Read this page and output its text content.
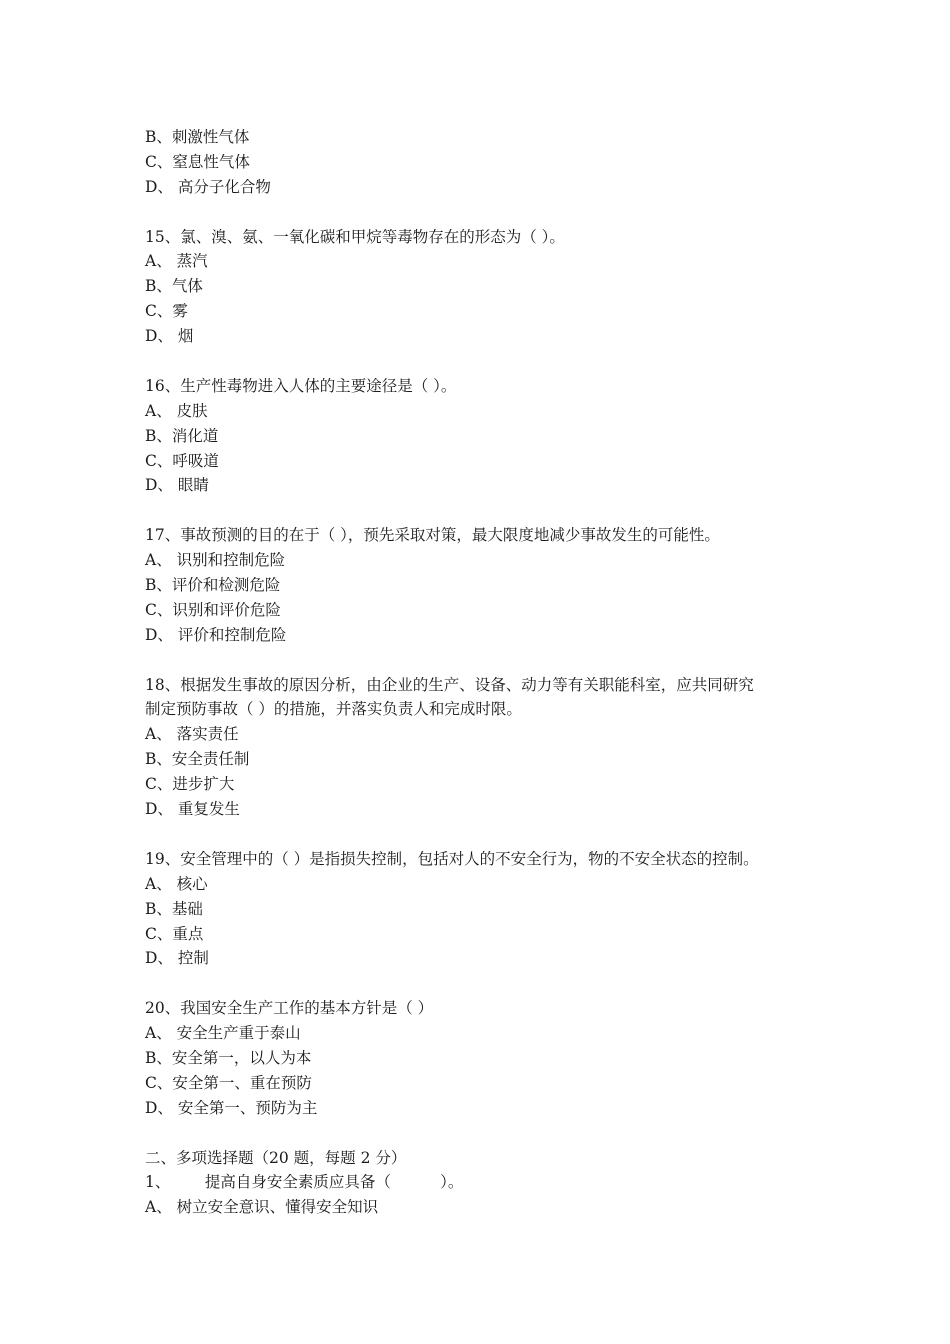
B、刺激性气体
C、窒息性气体
D、 高分子化合物
15、氯、溴、氨、一氧化碳和甲烷等毒物存在的形态为（ ）。
A、 蒸汽
B、气体
C、雾
D、 烟
16、生产性毒物进入人体的主要途径是（ ）。
A、 皮肤
B、消化道
C、呼吸道
D、 眼睛
17、事故预测的目的在于（ ），预先采取对策，最大限度地减少事故发生的可能性。
A、 识别和控制危险
B、评价和检测危险
C、识别和评价危险
D、 评价和控制危险
18、根据发生事故的原因分析，由企业的生产、设备、动力等有关职能科室，应共同研究
制定预防事故（ ）的措施，并落实负责人和完成时限。
A、 落实责任
B、安全责任制
C、进步扩大
D、 重复发生
19、安全管理中的（ ）是指损失控制，包括对人的不安全行为，物的不安全状态的控制。
A、 核心
B、基础
C、重点
D、 控制
20、我国安全生产工作的基本方针是（ ）
A、 安全生产重于泰山
B、安全第一，以人为本
C、安全第一、重在预防
D、 安全第一、预防为主
二、多项选择题（20 题，每题 2 分）
1、       提高自身安全素质应具备（          ）。
A、 树立安全意识、懂得安全知识
